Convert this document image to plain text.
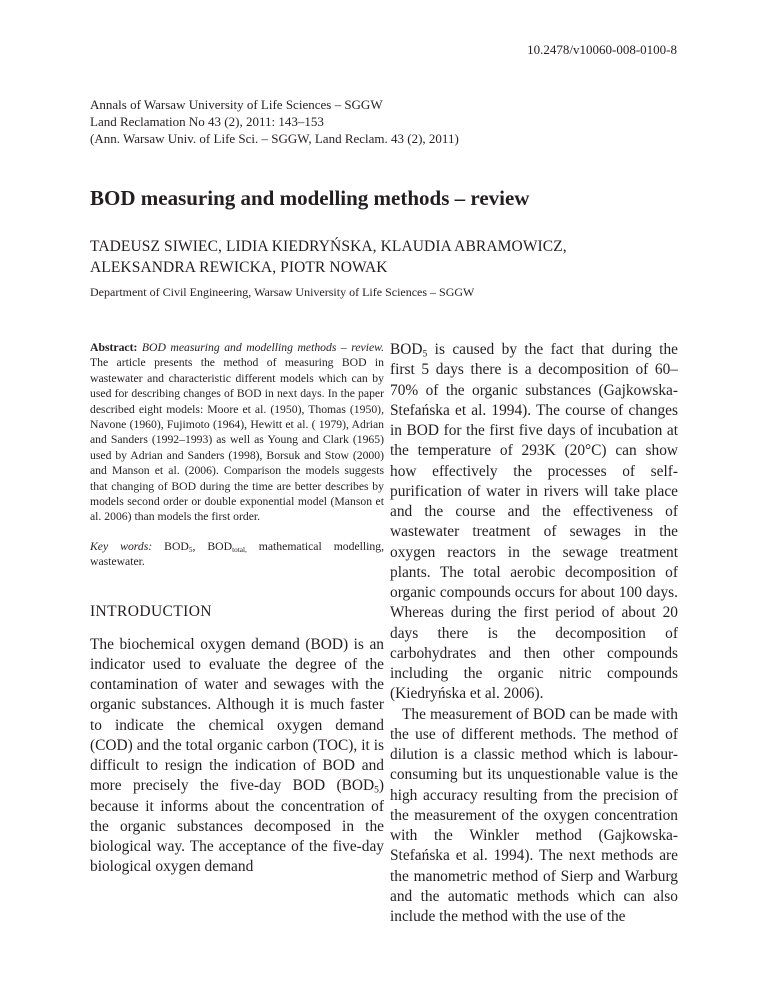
10.2478/v10060-008-0100-8
Annals of Warsaw University of Life Sciences – SGGW
Land Reclamation No 43 (2), 2011: 143–153
(Ann. Warsaw Univ. of Life Sci. – SGGW, Land Reclam. 43 (2), 2011)
BOD measuring and modelling methods – review
TADEUSZ SIWIEC, LIDIA KIEDRYŃSKA, KLAUDIA ABRAMOWICZ,
ALEKSANDRA REWICKA, PIOTR NOWAK
Department of Civil Engineering, Warsaw University of Life Sciences – SGGW

Abstract: BOD measuring and modelling methods – review. The article presents the method of measuring BOD in wastewater and characteristic different models which can by used for describing changes of BOD in next days. In the paper described eight models: Moore et al. (1950), Thomas (1950), Navone (1960), Fujimoto (1964), Hewitt et al. ( 1979), Adrian and Sanders (1992–1993) as well as Young and Clark (1965) used by Adrian and Sanders (1998), Borsuk and Stow (2000) and Manson et al. (2006). Comparison the models suggests that changing of BOD during the time are better describes by models second order or double exponential model (Manson et al. 2006) than models the first order.

Key words: $BOD_5$, $BOD_{total,}$ mathematical modelling, wastewater.

INTRODUCTION

The biochemical oxygen demand (BOD) is an indicator used to evaluate the degree of the contamination of water and sewages with the organic substances. Although it is much faster to indicate the chemical oxygen demand (COD) and the total organic carbon (TOC), it is difficult to resign the indication of BOD and more precisely the five-day BOD $(BOD_5)$ because it informs about the concentration of the organic substances decomposed in the biological way. The acceptance of the five-day biological oxygen demand

$BOD_5$ is caused by the fact that during the first 5 days there is a decomposition of 60–70% of the organic substances (Gajkowska-Stefańska et al. 1994). The course of changes in BOD for the first five days of incubation at the temperature of 293K (20°C) can show how effectively the processes of self-purification of water in rivers will take place and the course and the effectiveness of wastewater treatment of sewages in the oxygen reactors in the sewage treatment plants. The total aerobic decomposition of organic compounds occurs for about 100 days. Whereas during the first period of about 20 days there is the decomposition of carbohydrates and then other compounds including the organic nitric compounds (Kiedryńska et al. 2006).

The measurement of BOD can be made with the use of different methods. The method of dilution is a classic method which is labour-consuming but its unquestionable value is the high accuracy resulting from the precision of the measurement of the oxygen concentration with the Winkler method (Gajkowska-Stefańska et al. 1994). The next methods are the manometric method of Sierp and Warburg and the automatic methods which can also include the method with the use of the
